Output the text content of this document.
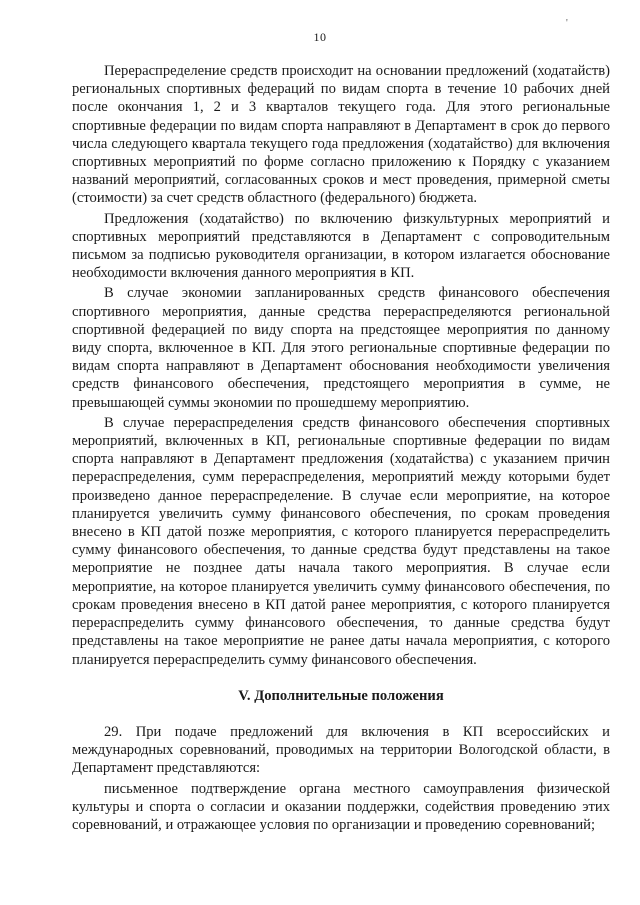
10
'

Перераспределение средств происходит на основании предложений (ходатайств) региональных спортивных федераций по видам спорта в течение 10 рабочих дней после окончания 1, 2 и 3 кварталов текущего года. Для этого региональные спортивные федерации по видам спорта направляют в Департамент в срок до первого числа следующего квартала текущего года предложения (ходатайство) для включения спортивных мероприятий по форме согласно приложению к Порядку с указанием названий мероприятий, согласованных сроков и мест проведения, примерной сметы (стоимости) за счет средств областного (федерального) бюджета.

Предложения (ходатайство) по включению физкультурных мероприятий и спортивных мероприятий представляются в Департамент с сопроводительным письмом за подписью руководителя организации, в котором излагается обоснование необходимости включения данного мероприятия в КП.

В случае экономии запланированных средств финансового обеспечения спортивного мероприятия, данные средства перераспределяются региональной спортивной федерацией по виду спорта на предстоящее мероприятия по данному виду спорта, включенное в КП. Для этого региональные спортивные федерации по видам спорта направляют в Департамент обоснования необходимости увеличения средств финансового обеспечения, предстоящего мероприятия в сумме, не превышающей суммы экономии по прошедшему мероприятию.

В случае перераспределения средств финансового обеспечения спортивных мероприятий, включенных в КП, региональные спортивные федерации по видам спорта направляют в Департамент предложения (ходатайства) с указанием причин перераспределения, сумм перераспределения, мероприятий между которыми будет произведено данное перераспределение. В случае если мероприятие, на которое планируется увеличить сумму финансового обеспечения, по срокам проведения внесено в КП датой позже мероприятия, с которого планируется перераспределить сумму финансового обеспечения, то данные средства будут представлены на такое мероприятие не позднее даты начала такого мероприятия. В случае если мероприятие, на которое планируется увеличить сумму финансового обеспечения, по срокам проведения внесено в КП датой ранее мероприятия, с которого планируется перераспределить сумму финансового обеспечения, то данные средства будут представлены на такое мероприятие не ранее даты начала мероприятия, с которого планируется перераспределить сумму финансового обеспечения.

V. Дополнительные положения

29. При подаче предложений для включения в КП всероссийских и международных соревнований, проводимых на территории Вологодской области, в Департамент представляются:

письменное подтверждение органа местного самоуправления физической культуры и спорта о согласии и оказании поддержки, содействия проведению этих соревнований, и отражающее условия по организации и проведению соревнований;
